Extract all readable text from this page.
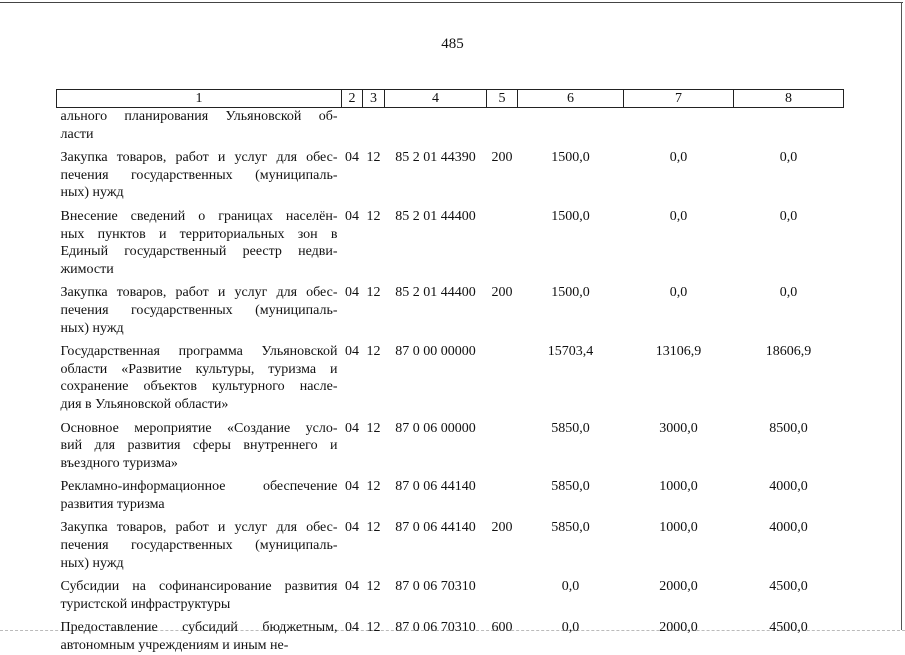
485
1	2	3	4	5	6	7	8

ального планирования Ульяновской об-
ласти							

Закупка товаров, работ и услуг для обес-
печения государственных (муниципаль-
ных) нужд	04	12	85 2 01 44390	200	1500,0	0,0	0,0

Внесение сведений о границах населён-
ных пунктов и территориальных зон в
Единый государственный реестр недви-
жимости	04	12	85 2 01 44400		1500,0	0,0	0,0

Закупка товаров, работ и услуг для обес-
печения государственных (муниципаль-
ных) нужд	04	12	85 2 01 44400	200	1500,0	0,0	0,0

Государственная программа Ульяновской
области «Развитие культуры, туризма и
сохранение объектов культурного насле-
дия в Ульяновской области»	04	12	87 0 00 00000		15703,4	13106,9	18606,9

Основное мероприятие «Создание усло-
вий для развития сферы внутреннего и
въездного туризма»	04	12	87 0 06 00000		5850,0	3000,0	8500,0

Рекламно-информационное обеспечение
развития туризма	04	12	87 0 06 44140		5850,0	1000,0	4000,0

Закупка товаров, работ и услуг для обес-
печения государственных (муниципаль-
ных) нужд	04	12	87 0 06 44140	200	5850,0	1000,0	4000,0

Субсидии на софинансирование развития
туристской инфраструктуры	04	12	87 0 06 70310		0,0	2000,0	4500,0

Предоставление субсидий бюджетным,
автономным учреждениям и иным не-	04	12	87 0 06 70310	600	0,0	2000,0	4500,0
